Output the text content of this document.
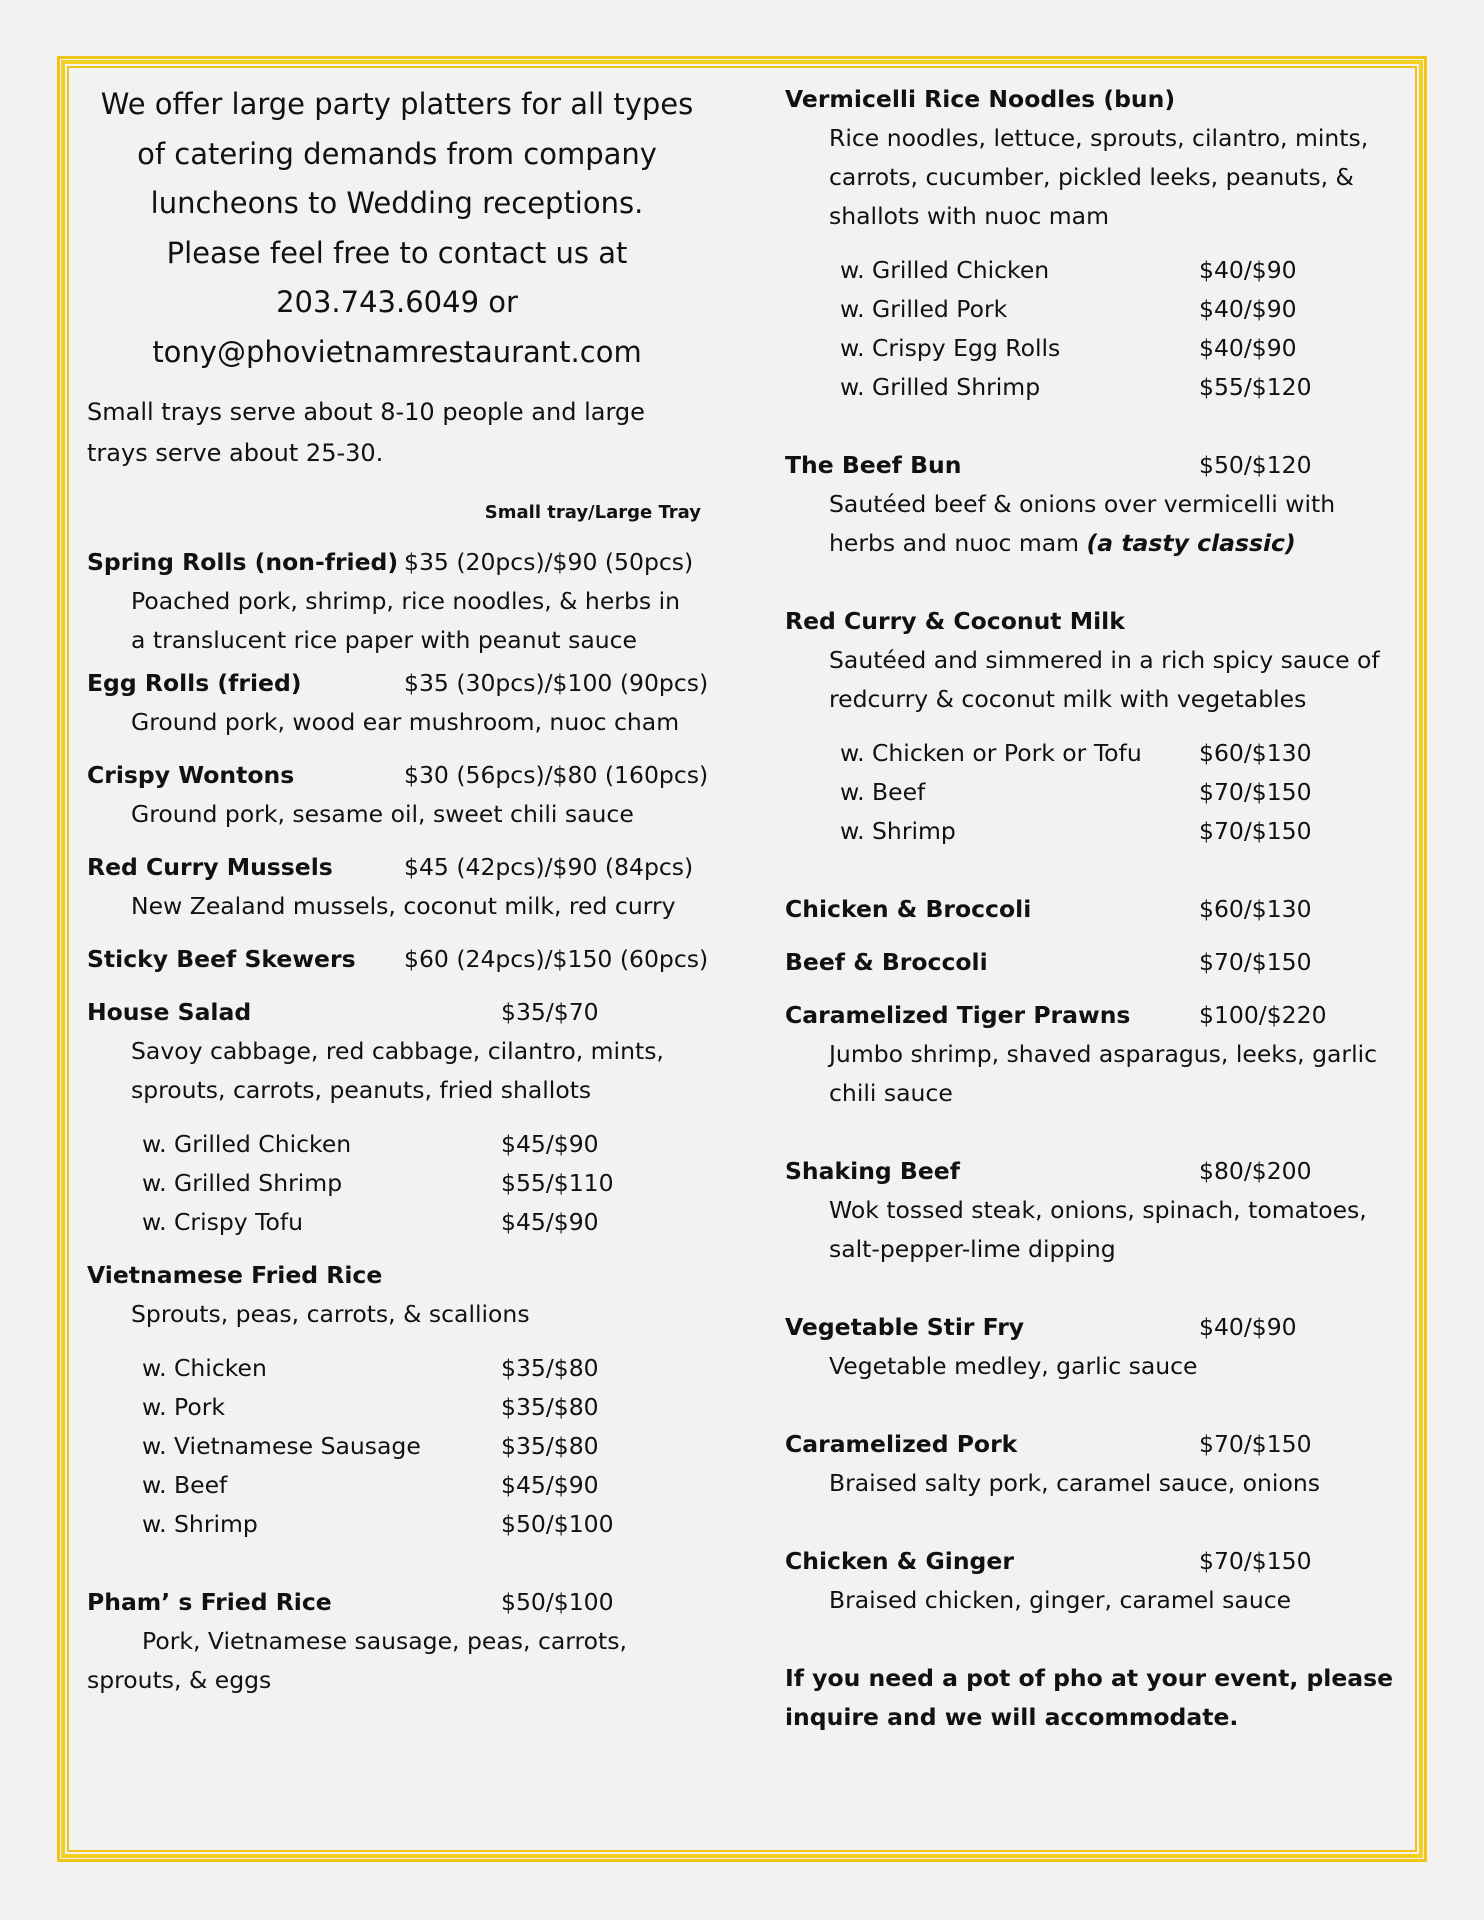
We offer large party platters for all types
of catering demands from company
luncheons to Wedding receptions.
Please feel free to contact us at
203.743.6049 or
tony@phovietnamrestaurant.com
Small trays serve about 8-10 people and large
trays serve about 25-30.
Small tray/Large Tray
Spring Rolls (non-fried) $35 (20pcs)/$90 (50pcs)
Poached pork, shrimp, rice noodles, & herbs in
a translucent rice paper with peanut sauce
Egg Rolls (fried)	$35 (30pcs)/$100 (90pcs)
Ground pork, wood ear mushroom, nuoc cham
Crispy Wontons	$30 (56pcs)/$80 (160pcs)
Ground pork, sesame oil, sweet chili sauce
Red Curry Mussels	$45 (42pcs)/$90 (84pcs)
New Zealand mussels, coconut milk, red curry
Sticky Beef Skewers $60 (24pcs)/$150 (60pcs)
House Salad	$35/$70
Savoy cabbage, red cabbage, cilantro, mints,
sprouts, carrots, peanuts, fried shallots
w. Grilled Chicken	$45/$90
w. Grilled Shrimp	$55/$110
w. Crispy Tofu	$45/$90
Vietnamese Fried Rice
Sprouts, peas, carrots, & scallions
w. Chicken	$35/$80
w. Pork	$35/$80
w. Vietnamese Sausage	$35/$80
w. Beef	$45/$90
w. Shrimp	$50/$100
Pham’ s Fried Rice	$50/$100
Pork, Vietnamese sausage, peas, carrots,
sprouts, & eggs
Vermicelli Rice Noodles (bun)
Rice noodles, lettuce, sprouts, cilantro, mints,
carrots, cucumber, pickled leeks, peanuts, &
shallots with nuoc mam
w. Grilled Chicken	$40/$90
w. Grilled Pork	$40/$90
w. Crispy Egg Rolls	$40/$90
w. Grilled Shrimp	$55/$120
The Beef Bun	$50/$120
Sautéed beef & onions over vermicelli with
herbs and nuoc mam (a tasty classic)
Red Curry & Coconut Milk
Sautéed and simmered in a rich spicy sauce of
redcurry & coconut milk with vegetables
w. Chicken or Pork or Tofu $60/$130
w. Beef	$70/$150
w. Shrimp	$70/$150
Chicken & Broccoli	$60/$130
Beef & Broccoli	$70/$150
Caramelized Tiger Prawns	$100/$220
Jumbo shrimp, shaved asparagus, leeks, garlic
chili sauce
Shaking Beef	$80/$200
Wok tossed steak, onions, spinach, tomatoes,
salt-pepper-lime dipping
Vegetable Stir Fry	$40/$90
Vegetable medley, garlic sauce
Caramelized Pork	$70/$150
Braised salty pork, caramel sauce, onions
Chicken & Ginger	$70/$150
Braised chicken, ginger, caramel sauce
If you need a pot of pho at your event, please
inquire and we will accommodate.
